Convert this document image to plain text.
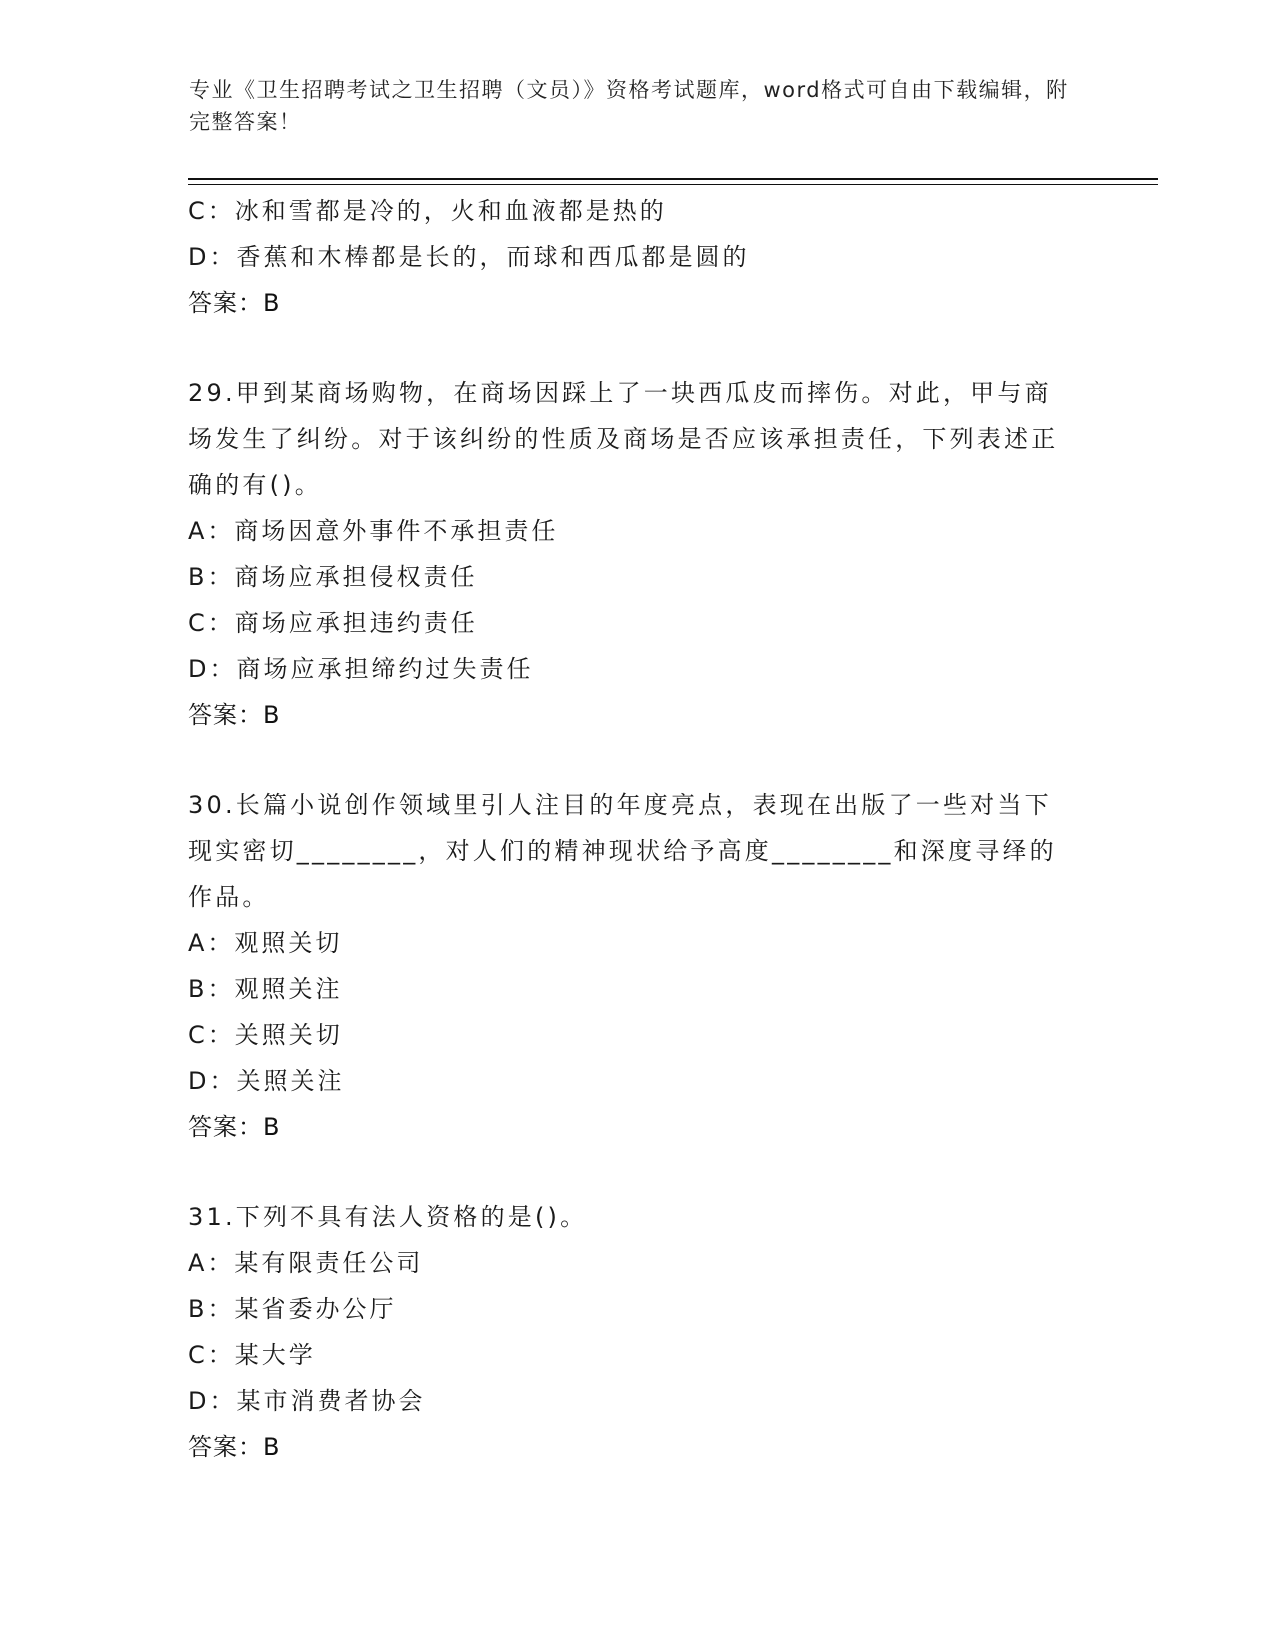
专业《卫生招聘考试之卫生招聘（文员）》资格考试题库，word格式可自由下载编辑，附完整答案！
C：冰和雪都是冷的，火和血液都是热的
D：香蕉和木棒都是长的，而球和西瓜都是圆的
答案：B
29.甲到某商场购物，在商场因踩上了一块西瓜皮而摔伤。对此，甲与商场发生了纠纷。对于该纠纷的性质及商场是否应该承担责任，下列表述正确的有()。
A：商场因意外事件不承担责任
B：商场应承担侵权责任
C：商场应承担违约责任
D：商场应承担缔约过失责任
答案：B
30.长篇小说创作领域里引人注目的年度亮点，表现在出版了一些对当下现实密切________，对人们的精神现状给予高度________和深度寻绎的作品。
A：观照关切
B：观照关注
C：关照关切
D：关照关注
答案：B
31.下列不具有法人资格的是()。
A：某有限责任公司
B：某省委办公厅
C：某大学
D：某市消费者协会
答案：B
